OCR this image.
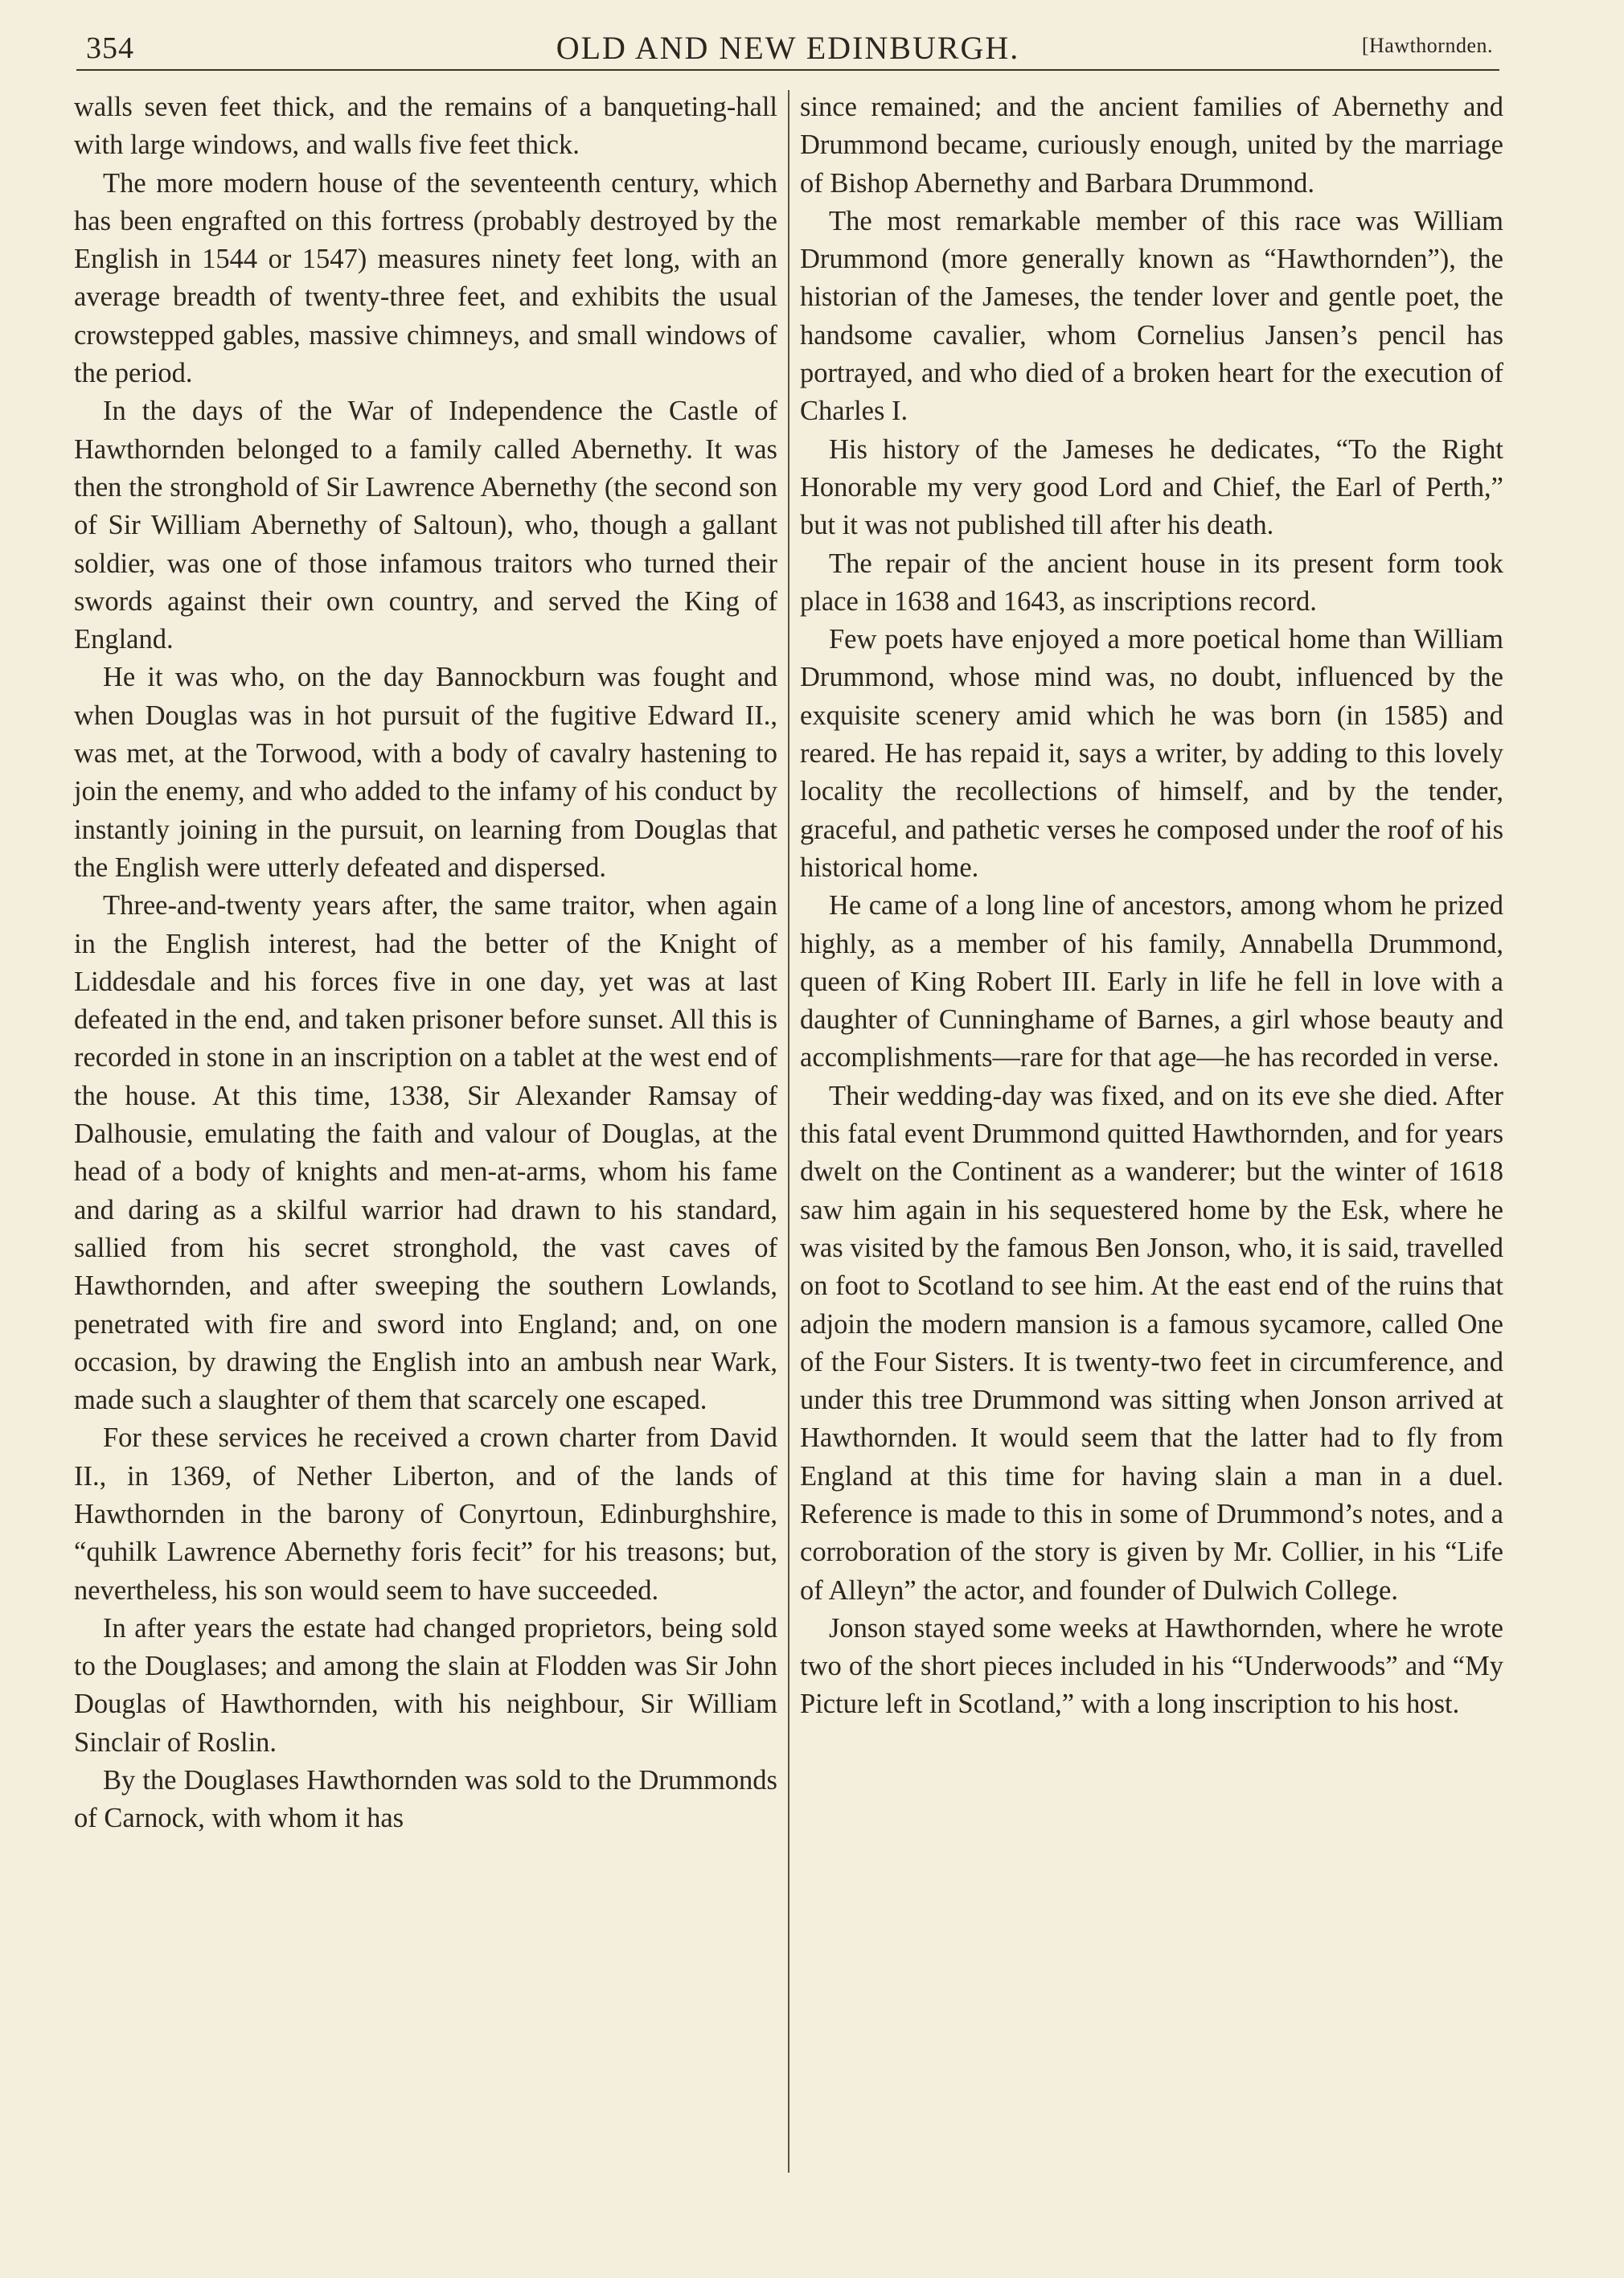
354	OLD AND NEW EDINBURGH.	[Hawthornden.

walls seven feet thick, and the remains of a banqueting-hall with large windows, and walls five feet thick.

The more modern house of the seventeenth century, which has been engrafted on this fortress (probably destroyed by the English in 1544 or 1547) measures ninety feet long, with an average breadth of twenty-three feet, and exhibits the usual crowstepped gables, massive chimneys, and small windows of the period.

In the days of the War of Independence the Castle of Hawthornden belonged to a family called Abernethy. It was then the stronghold of Sir Lawrence Abernethy (the second son of Sir William Abernethy of Saltoun), who, though a gallant soldier, was one of those infamous traitors who turned their swords against their own country, and served the King of England.

He it was who, on the day Bannockburn was fought and when Douglas was in hot pursuit of the fugitive Edward II., was met, at the Torwood, with a body of cavalry hastening to join the enemy, and who added to the infamy of his conduct by instantly joining in the pursuit, on learning from Douglas that the English were utterly defeated and dispersed.

Three-and-twenty years after, the same traitor, when again in the English interest, had the better of the Knight of Liddesdale and his forces five in one day, yet was at last defeated in the end, and taken prisoner before sunset. All this is recorded in stone in an inscription on a tablet at the west end of the house. At this time, 1338, Sir Alexander Ramsay of Dalhousie, emulating the faith and valour of Douglas, at the head of a body of knights and men-at-arms, whom his fame and daring as a skilful warrior had drawn to his standard, sallied from his secret stronghold, the vast caves of Hawthornden, and after sweeping the southern Lowlands, penetrated with fire and sword into England; and, on one occasion, by drawing the English into an ambush near Wark, made such a slaughter of them that scarcely one escaped.

For these services he received a crown charter from David II., in 1369, of Nether Liberton, and of the lands of Hawthornden in the barony of Conyrtoun, Edinburghshire, “quhilk Lawrence Abernethy foris fecit” for his treasons; but, nevertheless, his son would seem to have succeeded.

In after years the estate had changed proprietors, being sold to the Douglases; and among the slain at Flodden was Sir John Douglas of Hawthornden, with his neighbour, Sir William Sinclair of Roslin.

By the Douglases Hawthornden was sold to the Drummonds of Carnock, with whom it has

since remained; and the ancient families of Abernethy and Drummond became, curiously enough, united by the marriage of Bishop Abernethy and Barbara Drummond.

The most remarkable member of this race was William Drummond (more generally known as “Hawthornden”), the historian of the Jameses, the tender lover and gentle poet, the handsome cavalier, whom Cornelius Jansen’s pencil has portrayed, and who died of a broken heart for the execution of Charles I.

His history of the Jameses he dedicates, “To the Right Honorable my very good Lord and Chief, the Earl of Perth,” but it was not published till after his death.

The repair of the ancient house in its present form took place in 1638 and 1643, as inscriptions record.

Few poets have enjoyed a more poetical home than William Drummond, whose mind was, no doubt, influenced by the exquisite scenery amid which he was born (in 1585) and reared. He has repaid it, says a writer, by adding to this lovely locality the recollections of himself, and by the tender, graceful, and pathetic verses he composed under the roof of his historical home.

He came of a long line of ancestors, among whom he prized highly, as a member of his family, Annabella Drummond, queen of King Robert III. Early in life he fell in love with a daughter of Cunninghame of Barnes, a girl whose beauty and accomplishments—rare for that age—he has recorded in verse.

Their wedding-day was fixed, and on its eve she died. After this fatal event Drummond quitted Hawthornden, and for years dwelt on the Continent as a wanderer; but the winter of 1618 saw him again in his sequestered home by the Esk, where he was visited by the famous Ben Jonson, who, it is said, travelled on foot to Scotland to see him. At the east end of the ruins that adjoin the modern mansion is a famous sycamore, called One of the Four Sisters. It is twenty-two feet in circumference, and under this tree Drummond was sitting when Jonson arrived at Hawthornden. It would seem that the latter had to fly from England at this time for having slain a man in a duel. Reference is made to this in some of Drummond’s notes, and a corroboration of the story is given by Mr. Collier, in his “Life of Alleyn” the actor, and founder of Dulwich College.

Jonson stayed some weeks at Hawthornden, where he wrote two of the short pieces included in his “Underwoods” and “My Picture left in Scotland,” with a long inscription to his host.
